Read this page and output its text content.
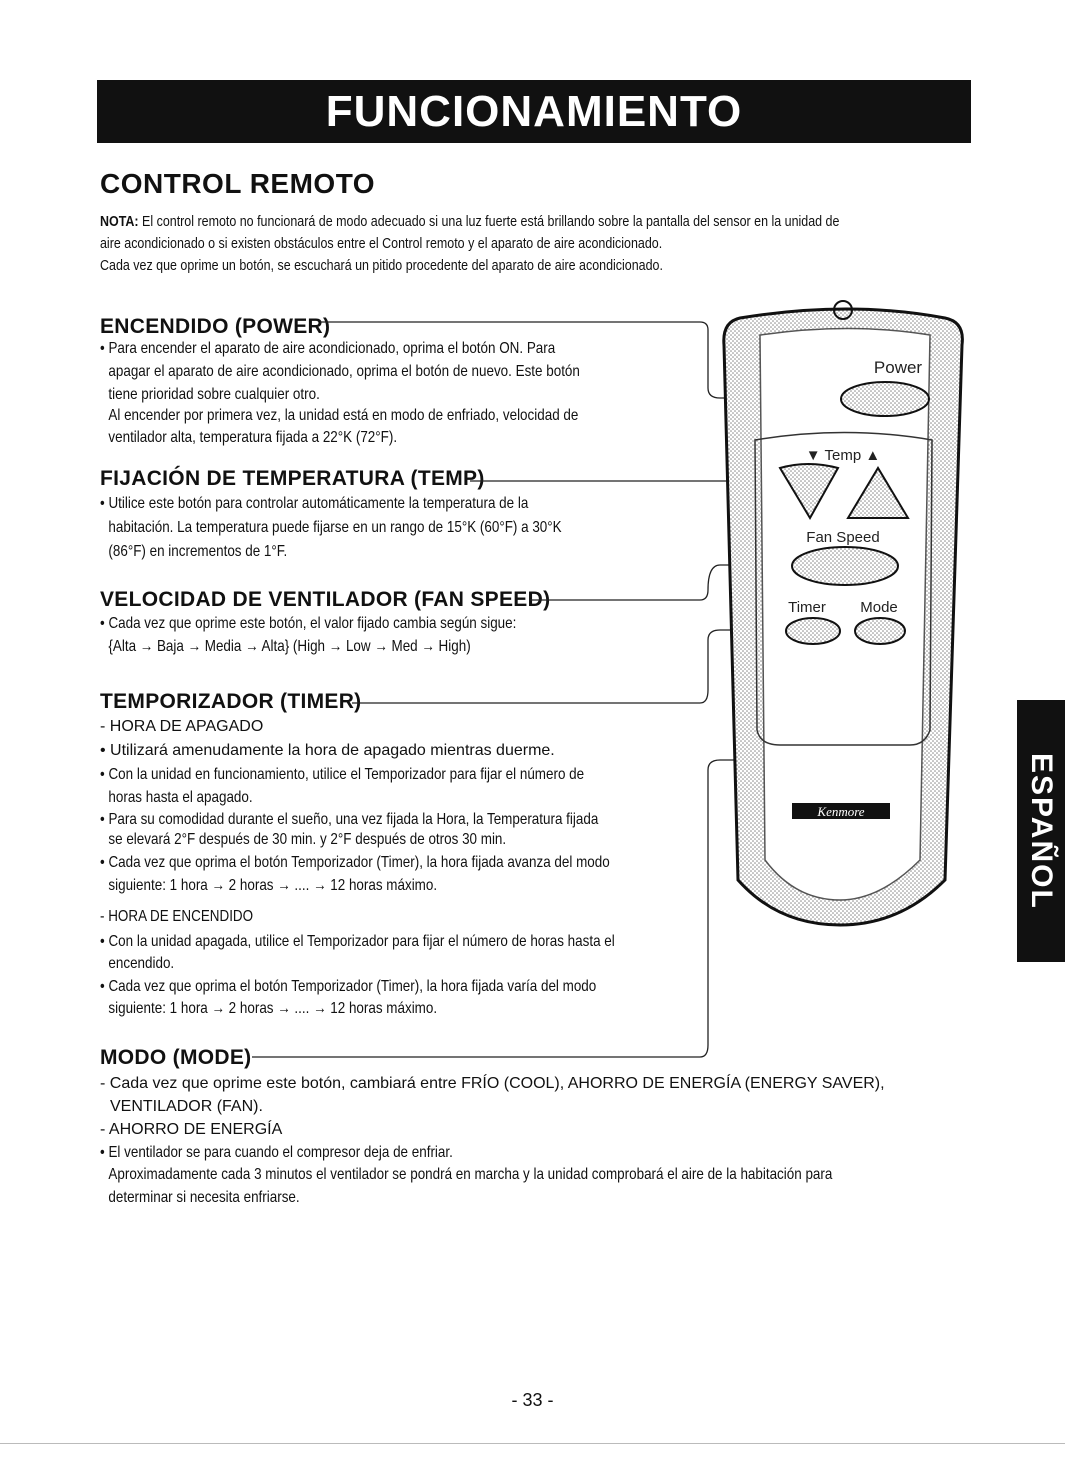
FUNCIONAMIENTO
CONTROL REMOTO
NOTA: El control remoto no funcionará de modo adecuado si una luz fuerte está brillando sobre la pantalla del sensor en la unidad de
aire acondicionado o si existen obstáculos entre el Control remoto y el aparato de aire acondicionado.
Cada vez que oprime un botón, se escuchará un pitido procedente del aparato de aire acondicionado.
ENCENDIDO (POWER)
• Para encender el aparato de aire acondicionado, oprima el botón ON. Para
apagar el aparato de aire acondicionado, oprima el botón de nuevo. Este botón
tiene prioridad sobre cualquier otro.
Al encender por primera vez, la unidad está en modo de enfriado, velocidad de
ventilador alta, temperatura fijada a 22°K (72°F).
FIJACIÓN DE TEMPERATURA (TEMP)
• Utilice este botón para controlar automáticamente la temperatura de la
habitación. La temperatura puede fijarse en un rango de 15°K (60°F) a 30°K
(86°F) en incrementos de 1°F.
VELOCIDAD DE VENTILADOR (FAN SPEED)
• Cada vez que oprime este botón, el valor fijado cambia según sigue:
{Alta → Baja → Media → Alta} (High → Low → Med → High)
TEMPORIZADOR (TIMER)
- HORA DE APAGADO
• Utilizará amenudamente la hora de apagado mientras duerme.
• Con la unidad en funcionamiento, utilice el Temporizador para fijar el número de
horas hasta el apagado.
• Para su comodidad durante el sueño, una vez fijada la Hora, la Temperatura fijada
se elevará 2°F después de 30 min. y 2°F después de otros 30 min.
• Cada vez que oprima el botón Temporizador (Timer), la hora fijada avanza del modo
siguiente: 1 hora → 2 horas → .... → 12 horas máximo.
- HORA DE ENCENDIDO
• Con la unidad apagada, utilice el Temporizador para fijar el número de horas hasta el
encendido.
• Cada vez que oprima el botón Temporizador (Timer), la hora fijada varía del modo
siguiente: 1 hora → 2 horas → .... → 12 horas máximo.
MODO (MODE)
- Cada vez que oprime este botón, cambiará entre FRÍO (COOL), AHORRO DE ENERGÍA (ENERGY SAVER),
VENTILADOR (FAN).
- AHORRO DE ENERGÍA
• El ventilador se para cuando el compresor deja de enfriar.
Aproximadamente cada 3 minutos el ventilador se pondrá en marcha y la unidad comprobará el aire de la habitación para
determinar si necesita enfriarse.
Power
▼ Temp ▲
Fan Speed
Timer Mode
Kenmore	ESPAÑOL
- 33 -
